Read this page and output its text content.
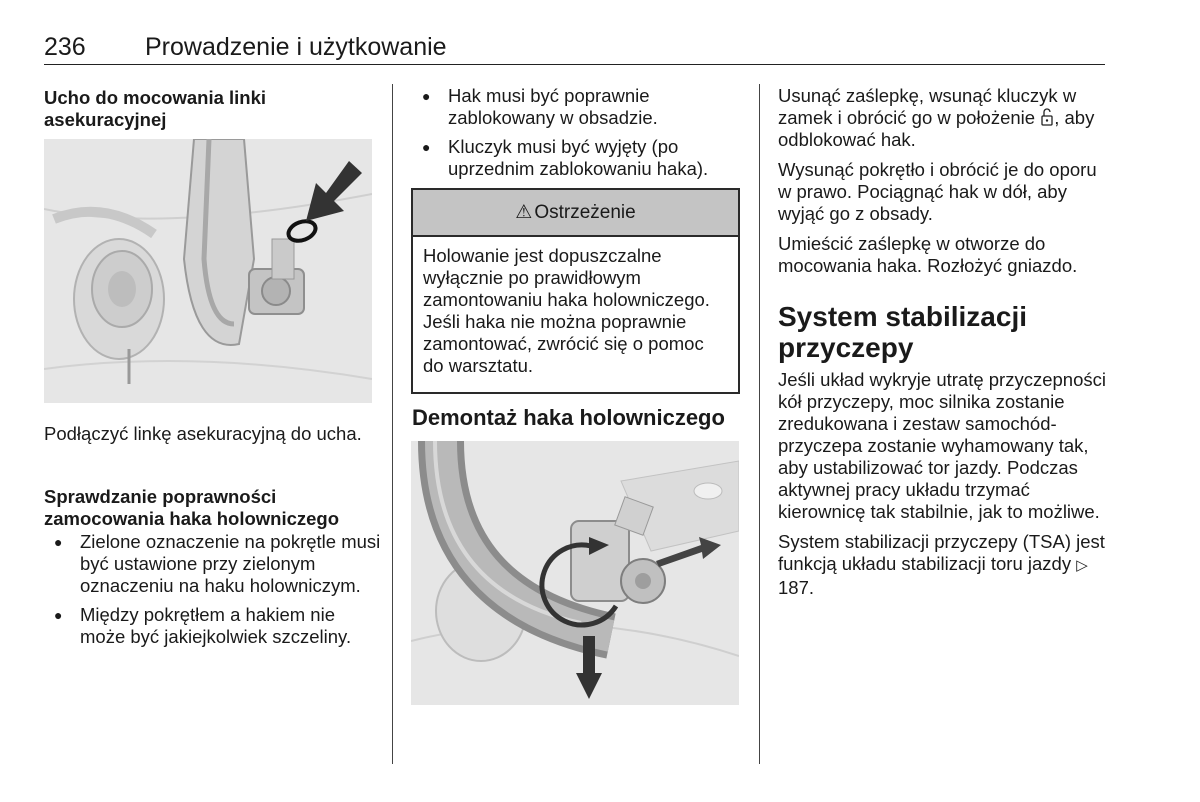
236 Prowadzenie i użytkowanie
Ucho do mocowania linki asekuracyjnej
Podłączyć linkę asekuracyjną do ucha.
Sprawdzanie poprawności zamocowania haka holowniczego
● Zielone oznaczenie na pokrętle musi być ustawione przy zielonym oznaczeniu na haku holowniczym.
● Między pokrętłem a hakiem nie może być jakiejkolwiek szczeliny.
● Hak musi być poprawnie zablokowany w obsadzie.
● Kluczyk musi być wyjęty (po uprzednim zablokowaniu haka).
⚠ Ostrzeżenie
Holowanie jest dopuszczalne wyłącznie po prawidłowym zamontowaniu haka holowniczego. Jeśli haka nie można poprawnie zamontować, zwrócić się o pomoc do warsztatu.
Demontaż haka holowniczego

Usunąć zaślepkę, wsunąć kluczyk w zamek i obrócić go w położenie , aby odblokować hak.

Wysunąć pokrętło i obrócić je do oporu w prawo. Pociągnąć hak w dół, aby wyjąć go z obsady.

Umieścić zaślepkę w otworze do mocowania haka. Rozłożyć gniazdo.

System stabilizacji przyczepy

Jeśli układ wykryje utratę przyczepności kół przyczepy, moc silnika zostanie zredukowana i zestaw samochód-przyczepa zostanie wyhamowany tak, aby ustabilizować tor jazdy. Podczas aktywnej pracy układu trzymać kierownicę tak stabilnie, jak to możliwe.

System stabilizacji przyczepy (TSA) jest funkcją układu stabilizacji toru jazdy ▷ 187.
